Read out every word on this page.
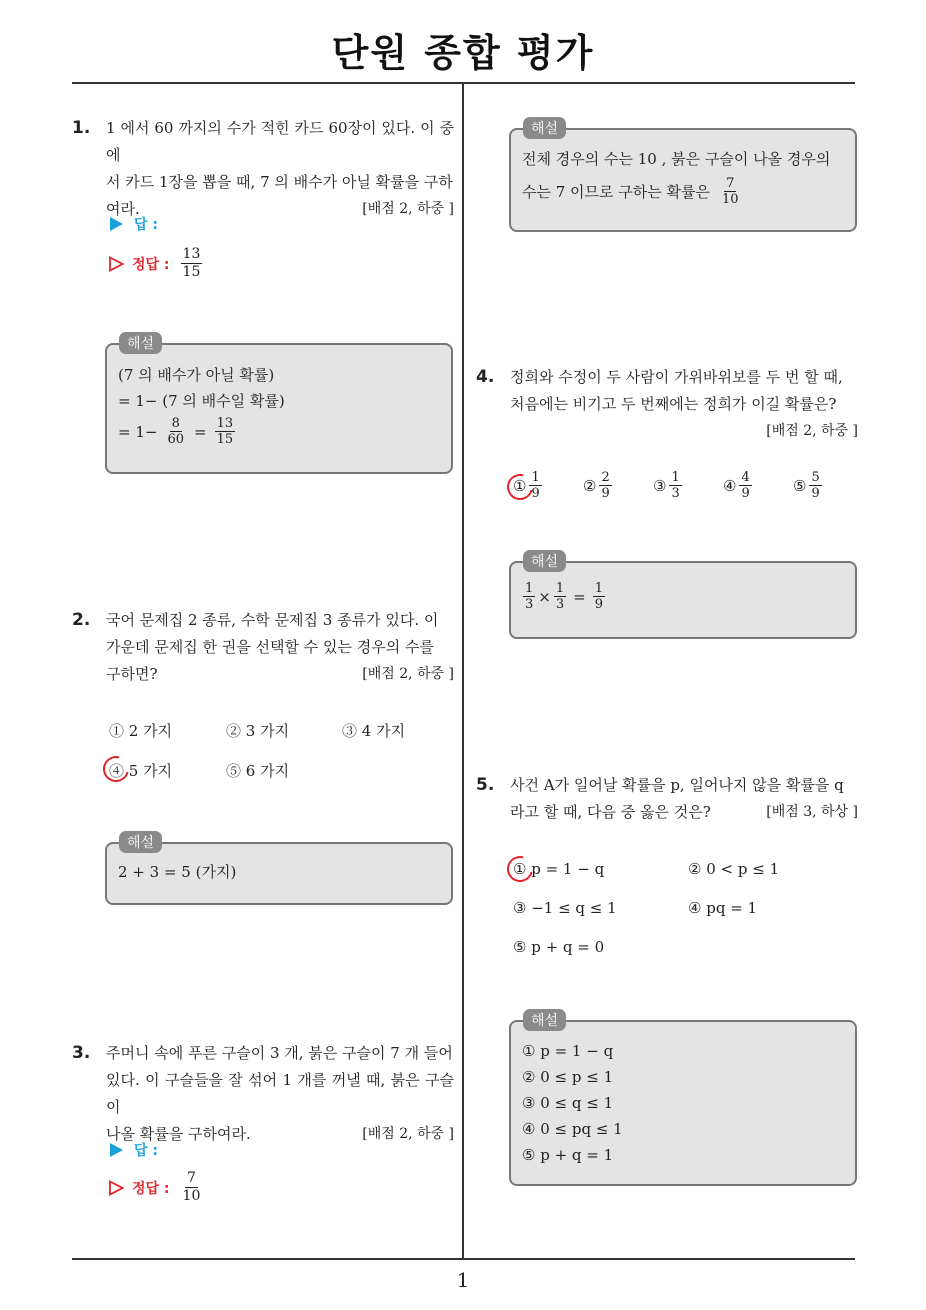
단원 종합 평가
1. 1 에서 60 까지의 수가 적힌 카드 60장이 있다. 이 중에
서 카드 1장을 뽑을 때, 7 의 배수가 아닐 확률을 구하
여라.	[배점 2, 하중 ]
답 :
정답 : $\frac{13}{15}$
해설
(7 의 배수가 아닐 확률)
= 1− (7 의 배수일 확률)
= $1- \frac{8}{60} = \frac{13}{15}$
2. 국어 문제집 2 종류, 수학 문제집 3 종류가 있다. 이
가운데 문제집 한 권을 선택할 수 있는 경우의 수를
구하면?	[배점 2, 하중 ]
① 2 가지	② 3 가지	③ 4 가지
④ 5 가지	⑤ 6 가지
해설
2 + 3 = 5 (가지)
3. 주머니 속에 푸른 구슬이 3 개, 붉은 구슬이 7 개 들어
있다. 이 구슬들을 잘 섞어 1 개를 꺼낼 때, 붉은 구슬이
나올 확률을 구하여라.	[배점 2, 하중 ]
답 :
정답 : $\frac{7}{10}$
해설
전체 경우의 수는 10 , 붉은 구슬이 나올 경우의
수는 7 이므로 구하는 확률은 $\frac{7}{10}$
4. 정희와 수정이 두 사람이 가위바위보를 두 번 할 때,
처음에는 비기고 두 번째에는 정희가 이길 확률은?
[배점 2, 하중 ]
① $\frac{1}{9}$	② $\frac{2}{9}$	③ $\frac{1}{3}$	④ $\frac{4}{9}$	⑤ $\frac{5}{9}$
해설
$\frac{1}{3} \times \frac{1}{3} = \frac{1}{9}$
5. 사건 A가 일어날 확률을 p, 일어나지 않을 확률을 q
라고 할 때, 다음 중 옳은 것은?	[배점 3, 하상 ]
① p = 1 − q	② 0 < p ≤ 1
③ −1 ≤ q ≤ 1	④ pq = 1
⑤ p + q = 0
해설
① p = 1 − q
② 0 ≤ p ≤ 1
③ 0 ≤ q ≤ 1
④ 0 ≤ pq ≤ 1
⑤ p + q = 1
1
